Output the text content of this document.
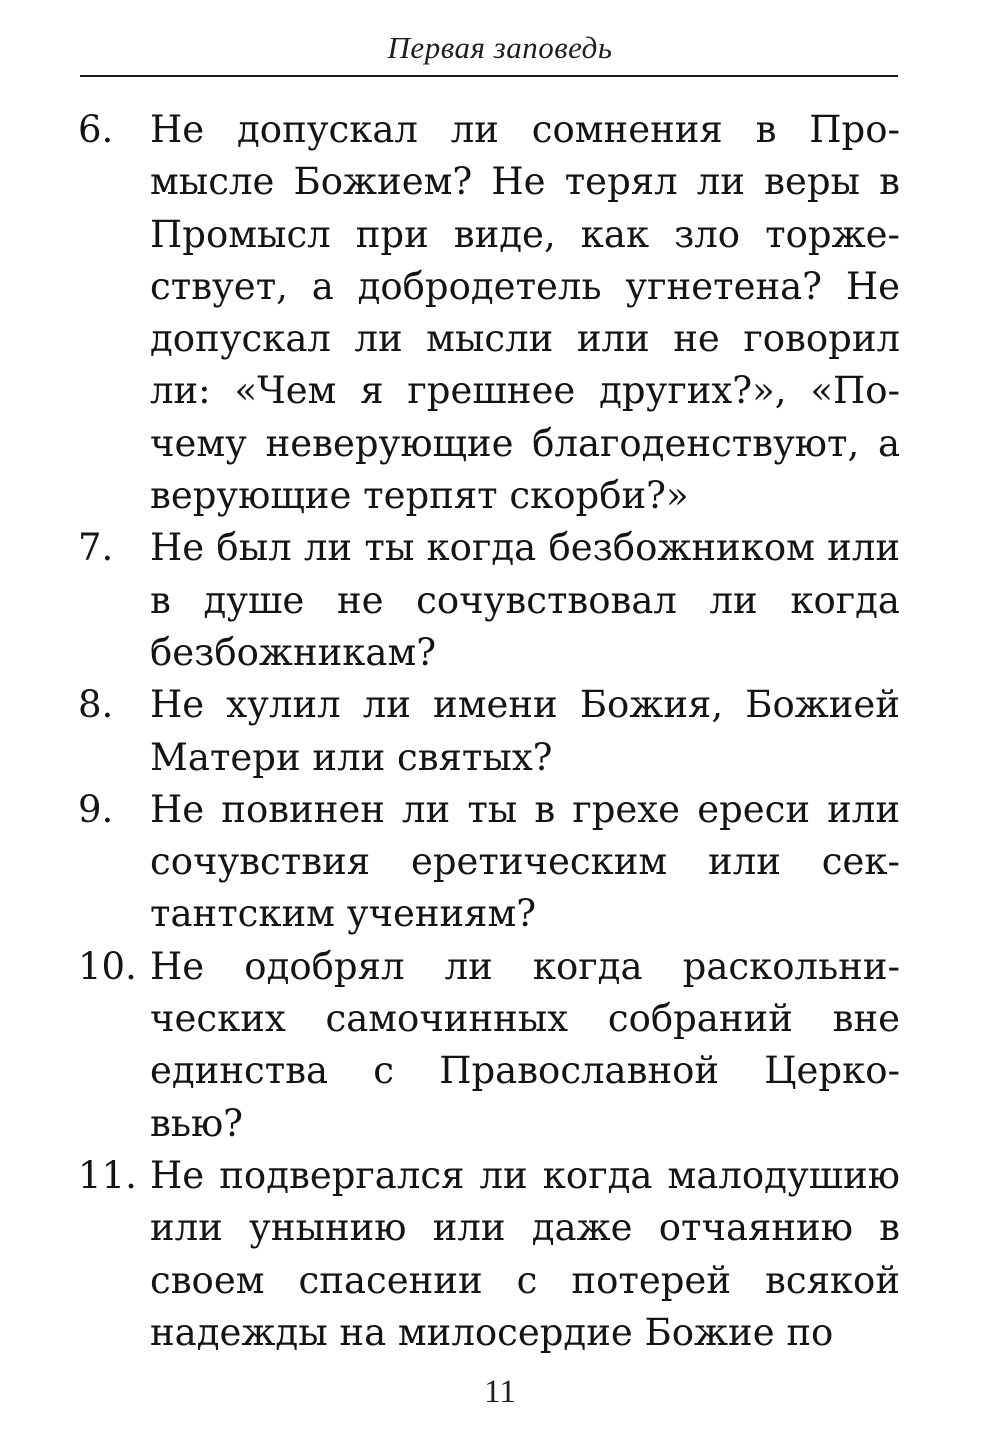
Первая заповедь
6. Не допускал ли сомнения в Про- мысле Божием? Не терял ли веры в Промысл при виде, как зло торже- ствует, а добродетель угнетена? Не допускал ли мысли или не говорил ли: «Чем я грешнее других?», «По- чему неверующие благоденствуют, а верующие терпят скорби?»
7. Не был ли ты когда безбожником или в душе не сочувствовал ли когда безбожникам?
8. Не хулил ли имени Божия, Божией Матери или святых?
9. Не повинен ли ты в грехе ереси или сочувствия еретическим или сек- тантским учениям?
10. Не одобрял ли когда раскольни- ческих самочинных собраний вне единства с Православной Церко- вью?
11. Не подвергался ли когда малодушию или унынию или даже отчаянию в своем спасении с потерей всякой надежды на милосердие Божие по
11
